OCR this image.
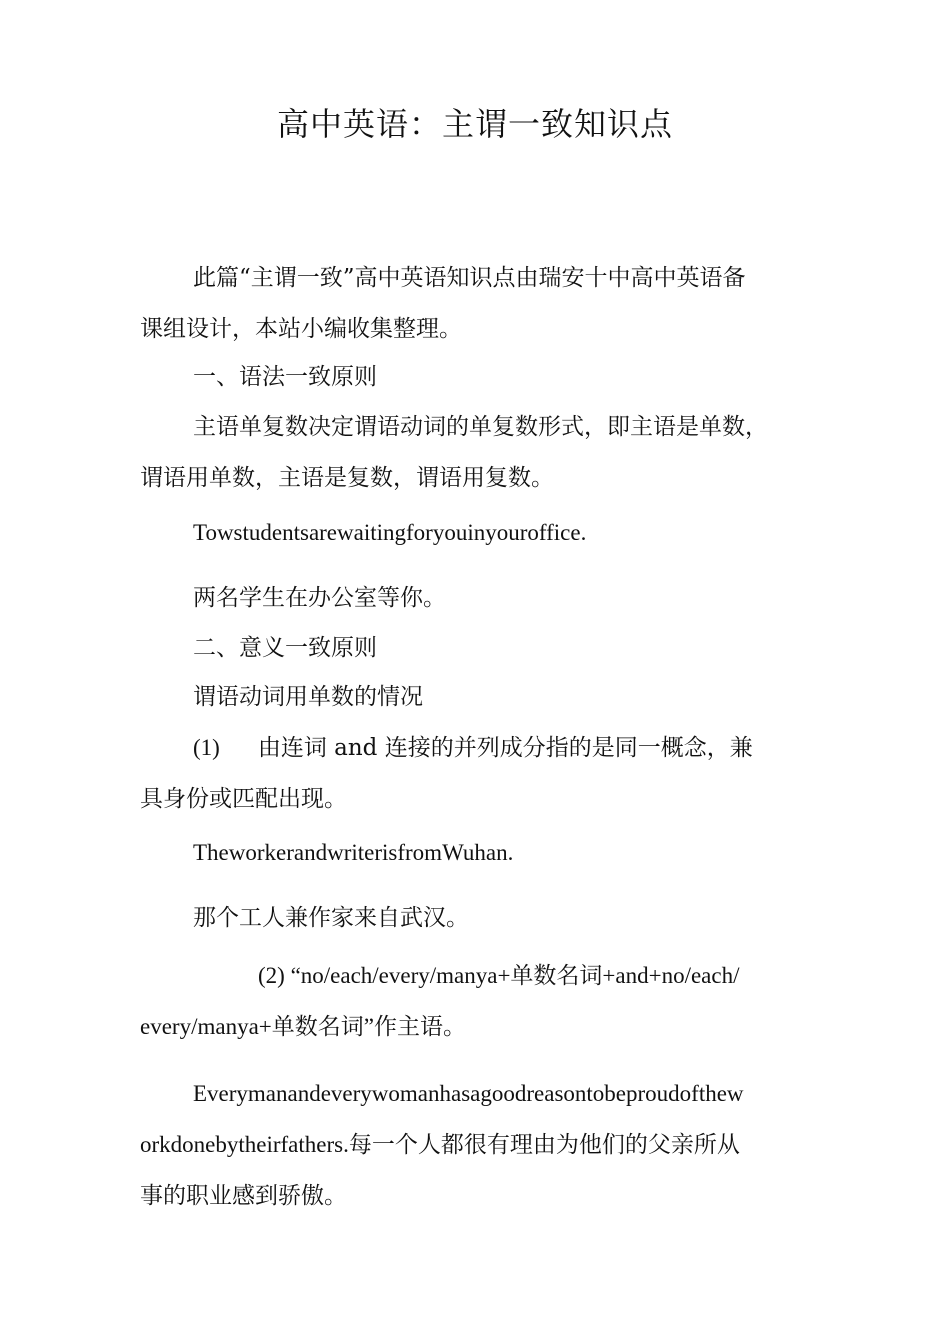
高中英语：主谓一致知识点

此篇“主谓一致”高中英语知识点由瑞安十中高中英语备
课组设计，本站小编收集整理。

一、语法一致原则

主语单复数决定谓语动词的单复数形式，即主语是单数，
谓语用单数，主语是复数，谓语用复数。

Towstudentsarewaitingforyouinyouroffice.

两名学生在办公室等你。

二、意义一致原则

谓语动词用单数的情况

(1) 由连词 and 连接的并列成分指的是同一概念，兼
具身份或匹配出现。

TheworkerandwriterisfromWuhan.

那个工人兼作家来自武汉。

(2) “no/each/every/manya+单数名词+and+no/each/
every/manya+单数名词”作主语。

Everymanandeverywomanhasagoodreasontobeproudofthew
orkdonebytheirfathers.每一个人都很有理由为他们的父亲所从
事的职业感到骄傲。
